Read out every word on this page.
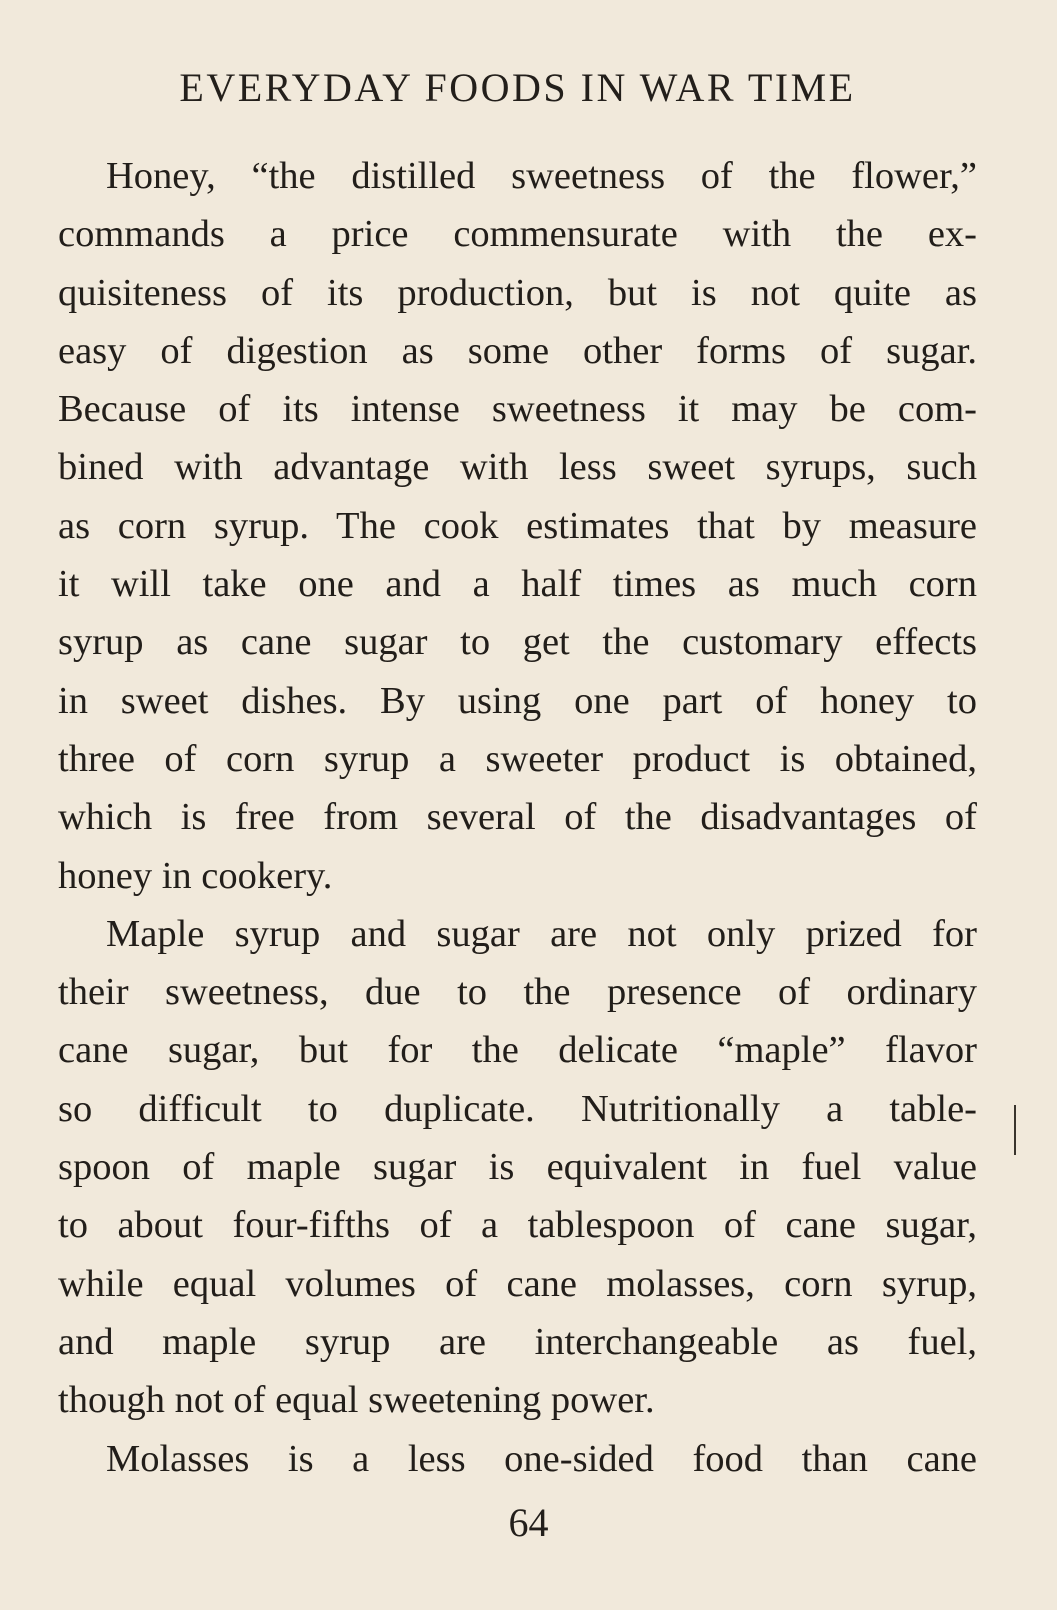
EVERYDAY FOODS IN WAR TIME

Honey, “the distilled sweetness of the flower,”
commands a price commensurate with the ex-
quisiteness of its production, but is not quite as
easy of digestion as some other forms of sugar.
Because of its intense sweetness it may be com-
bined with advantage with less sweet syrups, such
as corn syrup. The cook estimates that by measure
it will take one and a half times as much corn
syrup as cane sugar to get the customary effects
in sweet dishes. By using one part of honey to
three of corn syrup a sweeter product is obtained,
which is free from several of the disadvantages of
honey in cookery.

Maple syrup and sugar are not only prized for
their sweetness, due to the presence of ordinary
cane sugar, but for the delicate “maple” flavor
so difficult to duplicate. Nutritionally a table-
spoon of maple sugar is equivalent in fuel value
to about four-fifths of a tablespoon of cane sugar,
while equal volumes of cane molasses, corn syrup,
and maple syrup are interchangeable as fuel,
though not of equal sweetening power.

Molasses is a less one-sided food than cane

64
